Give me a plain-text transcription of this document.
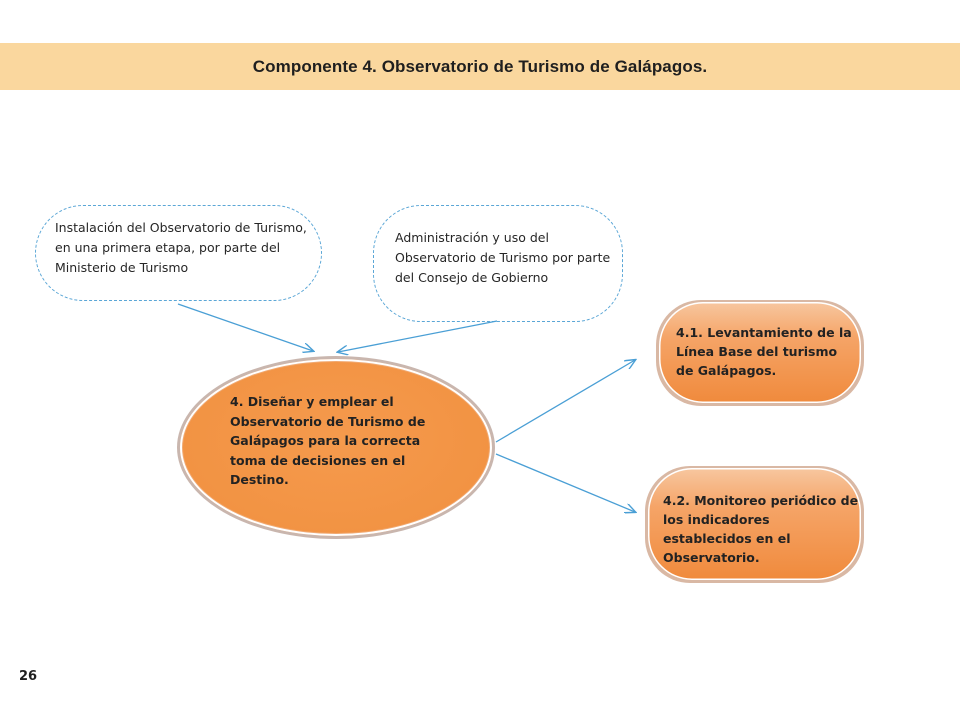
Componente 4. Observatorio de Turismo de Galápagos.
Instalación del Observatorio de Turismo, en una primera etapa, por parte del Ministerio de Turismo
Administración y uso del Observatorio de Turismo por parte del Consejo de Gobierno
4. Diseñar y emplear el Observatorio de Turismo de Galápagos para la correcta toma de decisiones en el Destino.
4.1. Levantamiento de la Línea Base del turismo de Galápagos.
4.2. Monitoreo periódico de los indicadores establecidos en el Observatorio.
26
